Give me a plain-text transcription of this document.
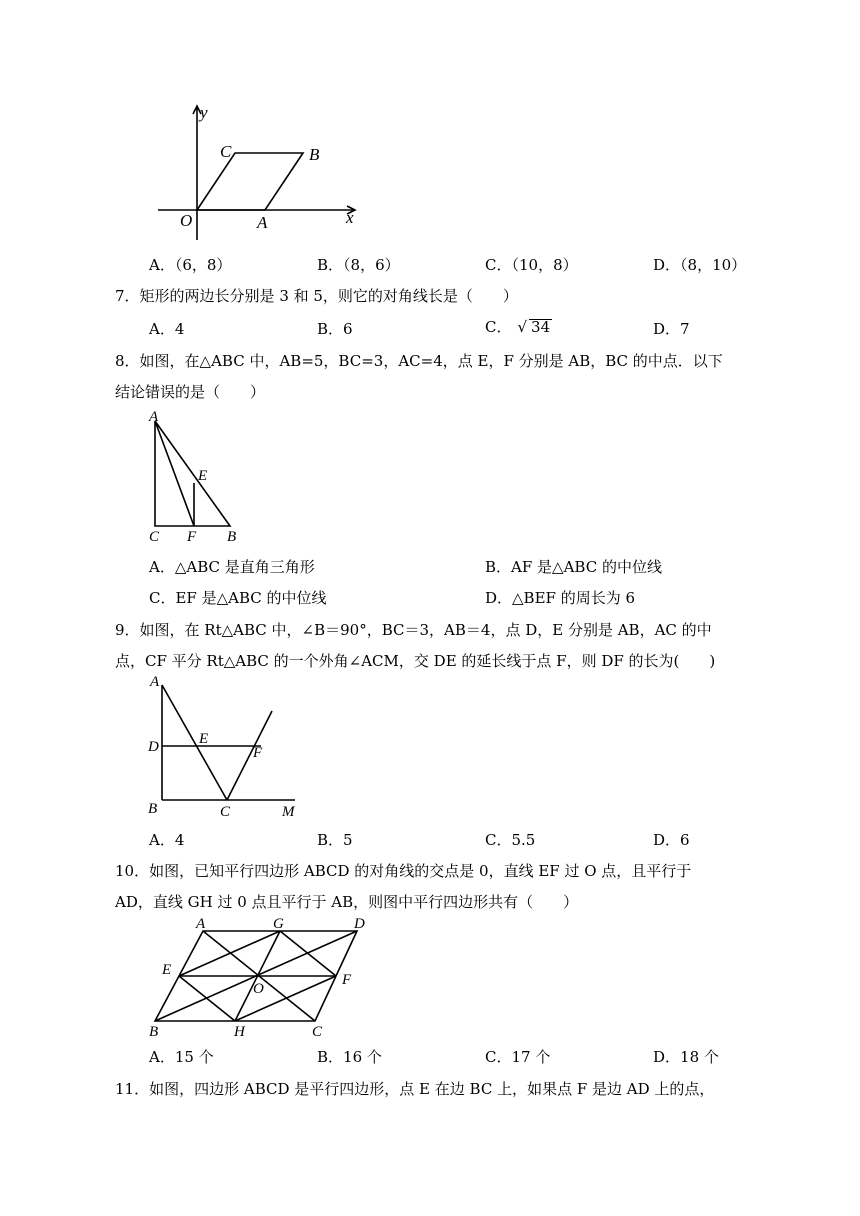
y
x
O	A
B
C
A．（6，8）	B．（8，6）	C．（10，8）	D．（8，10）
7．矩形的两边长分别是 3 和 5，则它的对角线长是（　　）
A．4	B．6	C． √ 34	D．7
8．如图，在△ABC 中，AB=5，BC=3，AC=4，点 E，F 分别是 AB，BC 的中点．以下
结论错误的是（　　）
A
E
C F B
A．△ABC 是直角三角形	B．AF 是△ABC 的中位线
C．EF 是△ABC 的中位线	D．△BEF 的周长为 6
9．如图，在 Rt△ABC 中，∠B＝90°，BC＝3，AB＝4，点 D，E 分别是 AB，AC 的中
点，CF 平分 Rt△ABC 的一个外角∠ACM，交 DE 的延长线于点 F，则 DF 的长为(　　)
A
D	E
F
B	C	M
A．4	B．5	C．5.5	D．6
10．如图，已知平行四边形 ABCD 的对角线的交点是 0，直线 EF 过 O 点，且平行于
AD，直线 GH 过 0 点且平行于 AB，则图中平行四边形共有（　　）
A	G	D
E
O
F
B	H	C
A．15 个	B．16 个	C．17 个	D．18 个
11．如图，四边形 ABCD 是平行四边形，点 E 在边 BC 上，如果点 F 是边 AD 上的点，
